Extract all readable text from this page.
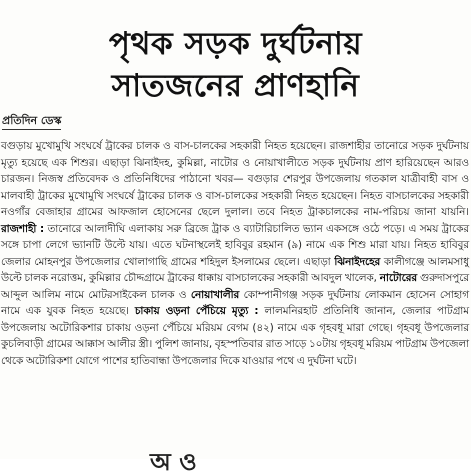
পৃথক সড়ক দুর্ঘটনায়
সাতজনের প্রাণহানি
প্রতিদিন ডেস্ক

বগুড়ায় মুখোমুখি সংঘর্ষে ট্রাকের চালক ও বাস-চালকের সহকারী নিহত হয়েছেন। রাজশাহীর তানোরে সড়ক দুর্ঘটনায় মৃত্যু হয়েছে এক শিশুর। এছাড়া ঝিনাইদহ, কুমিল্লা, নাটোর ও নোয়াখালীতে সড়ক দুর্ঘটনায় প্রাণ হারিয়েছেন আরও চারজন। নিজস্ব প্রতিবেদক ও প্রতিনিধিদের পাঠানো খবর— বগুড়ার শেরপুর উপজেলায় গতকাল যাত্রীবাহী বাস ও মালবাহী ট্রাকের মুখোমুখি সংঘর্ষে ট্রাকের চালক ও বাস-চালকের সহকারী নিহত হয়েছেন। নিহত বাসচালকের সহকারী নওগাঁর বেজাহার গ্রামের আফজাল হোসেনের ছেলে দুলাল। তবে নিহত ট্রাকচালকের নাম-পরিচয় জানা যায়নি। রাজশাহী : তানোরে আলাদীঘি এলাকায় সরু ব্রিজে ট্রাক ও ব্যাটারিচালিত ভ্যান একসঙ্গে ওঠে পড়ে। এ সময় ট্রাকের সঙ্গে চাপা লেগে ভ্যানটি উল্টে যায়। এতে ঘটনাস্থলেই হাবিবুর রহমান (৯) নামে এক শিশু মারা যায়। নিহত হাবিবুর জেলার মোহনপুর উপজেলার খোলাগাছি গ্রামের শহিদুল ইসলামের ছেলে। এছাড়া ঝিনাইদহের কালীগঞ্জে আলমসাধু উল্টে চালক নরোত্তম, কুমিল্লার চৌদ্দগ্রামে ট্রাকের ধাক্কায় বাসচালকের সহকারী আবদুল খালেক, নাটোরের গুরুদাসপুরে আব্দুল আলিম নামে মোটরসাইকেল চালক ও নোয়াখালীর কোম্পানীগঞ্জ সড়ক দুর্ঘটনায় লোকমান হোসেন সোহাগ নামে এক যুবক নিহত হয়েছে। চাকায় ওড়না পেঁচিয়ে মৃত্যু : লালমনিরহাট প্রতিনিধি জানান, জেলার পাটগ্রাম উপজেলায় অটোরিকশার চাকায় ওড়না পেঁচিয়ে মরিয়ম বেগম (৪২) নামে এক গৃহবধূ মারা গেছে। গৃহবধূ উপজেলার কুচলিবাড়ী গ্রামের আক্কাস আলীর স্ত্রী। পুলিশ জানায়, বৃহস্পতিবার রাত সাড়ে ১০টায় গৃহবধূ মরিয়ম পাটগ্রাম উপজেলা থেকে অটোরিকশা যোগে পাশের হাতিবান্ধা উপজেলার দিকে যাওয়ার পথে এ দুর্ঘটনা ঘটে।

অ ও
